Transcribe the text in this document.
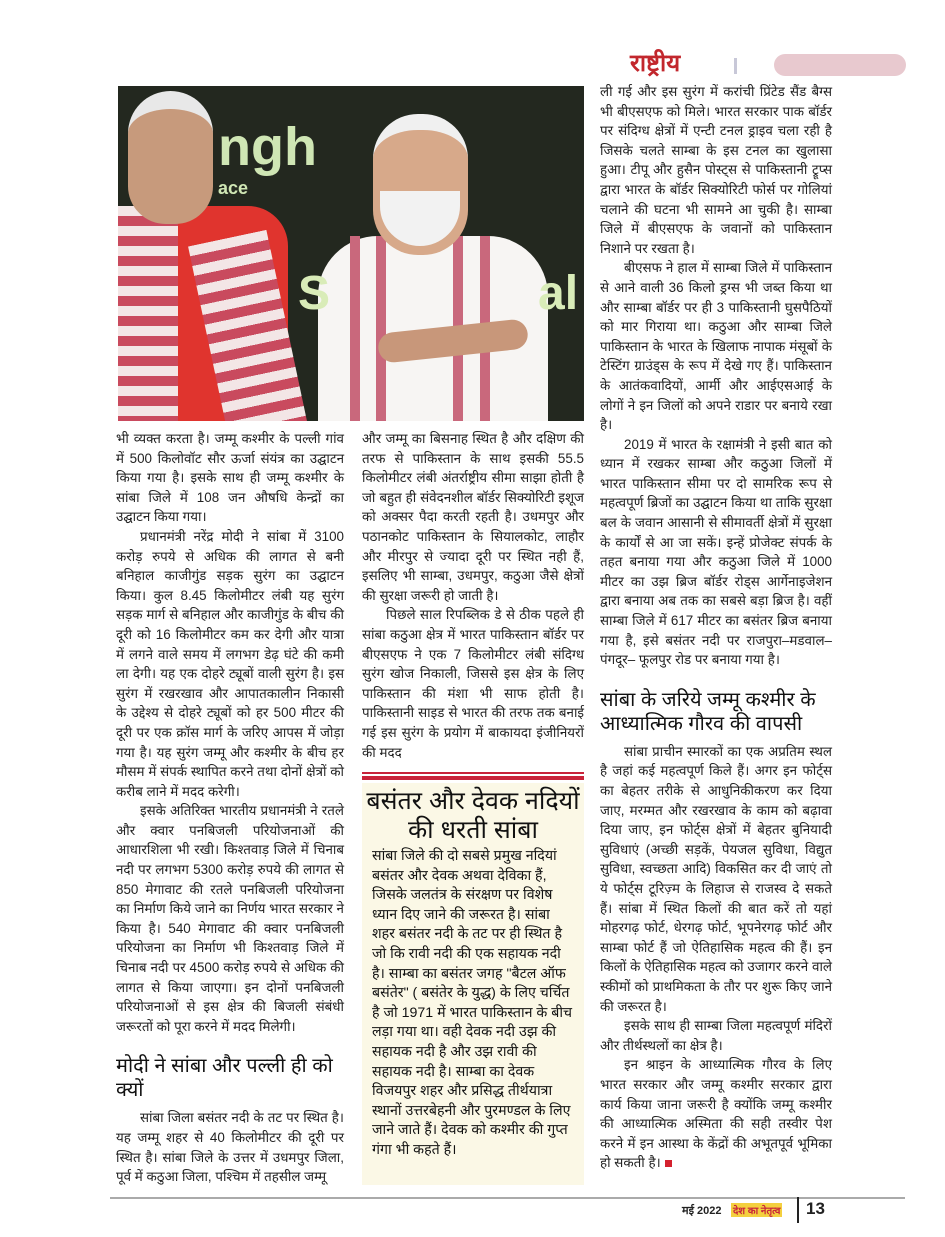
राष्ट्रीय
ngh
ace
S	al

भी व्यक्त करता है। जम्मू कश्मीर के पल्ली गांव में 500 किलोवॉट सौर ऊर्जा संयंत्र का उद्घाटन किया गया है। इसके साथ ही जम्मू कश्मीर के सांबा जिले में 108 जन औषधि केन्द्रों का उद्घाटन किया गया।

प्रधानमंत्री नरेंद्र मोदी ने सांबा में 3100 करोड़ रुपये से अधिक की लागत से बनी बनिहाल काजीगुंड सड़क सुरंग का उद्घाटन किया। कुल 8.45 किलोमीटर लंबी यह सुरंग सड़क मार्ग से बनिहाल और काजीगुंड के बीच की दूरी को 16 किलोमीटर कम कर देगी और यात्रा में लगने वाले समय में लगभग डेढ़ घंटे की कमी ला देगी। यह एक दोहरे ट्यूबों वाली सुरंग है। इस सुरंग में रखरखाव और आपातकालीन निकासी के उद्देश्य से दोहरे ट्यूबों को हर 500 मीटर की दूरी पर एक क्रॉस मार्ग के जरिए आपस में जोड़ा गया है। यह सुरंग जम्मू और कश्मीर के बीच हर मौसम में संपर्क स्थापित करने तथा दोनों क्षेत्रों को करीब लाने में मदद करेगी।

इसके अतिरिक्त भारतीय प्रधानमंत्री ने रतले और क्वार पनबिजली परियोजनाओं की आधारशिला भी रखी। किश्तवाड़ जिले में चिनाब नदी पर लगभग 5300 करोड़ रुपये की लागत से 850 मेगावाट की रतले पनबिजली परियोजना का निर्माण किये जाने का निर्णय भारत सरकार ने किया है। 540 मेगावाट की क्वार पनबिजली परियोजना का निर्माण भी किश्तवाड़ जिले में चिनाब नदी पर 4500 करोड़ रुपये से अधिक की लागत से किया जाएगा। इन दोनों पनबिजली परियोजनाओं से इस क्षेत्र की बिजली संबंधी जरूरतों को पूरा करने में मदद मिलेगी।

मोदी ने सांबा और पल्ली ही को क्यों

सांबा जिला बसंतर नदी के तट पर स्थित है। यह जम्मू शहर से 40 किलोमीटर की दूरी पर स्थित है। सांबा जिले के उत्तर में उधमपुर जिला, पूर्व में कठुआ जिला, पश्चिम में तहसील जम्मू

और जम्मू का बिसनाह स्थित है और दक्षिण की तरफ से पाकिस्तान के साथ इसकी 55.5 किलोमीटर लंबी अंतर्राष्ट्रीय सीमा साझा होती है जो बहुत ही संवेदनशील बॉर्डर सिक्योरिटी इशूज को अक्सर पैदा करती रहती है। उधमपुर और पठानकोट पाकिस्तान के सियालकोट, लाहौर और मीरपुर से ज्यादा दूरी पर स्थित नही हैं, इसलिए भी साम्बा, उधमपुर, कठुआ जैसे क्षेत्रों की सुरक्षा जरूरी हो जाती है।

पिछले साल रिपब्लिक डे से ठीक पहले ही सांबा कठुआ क्षेत्र में भारत पाकिस्तान बॉर्डर पर बीएसएफ ने एक 7 किलोमीटर लंबी संदिग्ध सुरंग खोज निकाली, जिससे इस क्षेत्र के लिए पाकिस्तान की मंशा भी साफ होती है। पाकिस्तानी साइड से भारत की तरफ तक बनाई गई इस सुरंग के प्रयोग में बाकायदा इंजीनियरों की मदद

बसंतर और देवक नदियों की धरती सांबा
सांबा जिले की दो सबसे प्रमुख नदियां बसंतर और देवक अथवा देविका हैं, जिसके जलतंत्र के संरक्षण पर विशेष ध्यान दिए जाने की जरूरत है। सांबा शहर बसंतर नदी के तट पर ही स्थित है जो कि रावी नदी की एक सहायक नदी है। साम्बा का बसंतर जगह "बैटल ऑफ बसंतेर" ( बसंतेर के युद्ध) के लिए चर्चित है जो 1971 में भारत पाकिस्तान के बीच लड़ा गया था। वही देवक नदी उझ की सहायक नदी है और उझ रावी की सहायक नदी है। साम्बा का देवक विजयपुर शहर और प्रसिद्ध तीर्थयात्रा स्थानों उत्तरबेहनी और पुरमण्डल के लिए जाने जाते हैं। देवक को कश्मीर की गुप्त गंगा भी कहते हैं।

ली गई और इस सुरंग में करांची प्रिंटेड सैंड बैग्स भी बीएसएफ को मिले। भारत सरकार पाक बॉर्डर पर संदिग्ध क्षेत्रों में एन्टी टनल ड्राइव चला रही है जिसके चलते साम्बा के इस टनल का खुलासा हुआ। टीपू और हुसैन पोस्ट्स से पाकिस्तानी ट्रूप्स द्वारा भारत के बॉर्डर सिक्योरिटी फोर्स पर गोलियां चलाने की घटना भी सामने आ चुकी है। साम्बा जिले में बीएसएफ के जवानों को पाकिस्तान निशाने पर रखता है।

बीएसफ ने हाल में साम्बा जिले में पाकिस्तान से आने वाली 36 किलो ड्रग्स भी जब्त किया था और साम्बा बॉर्डर पर ही 3 पाकिस्तानी घुसपैठियों को मार गिराया था। कठुआ और साम्बा जिले पाकिस्तान के भारत के खिलाफ नापाक मंसूबों के टेस्टिंग ग्राउंड्स के रूप में देखे गए हैं। पाकिस्तान के आतंकवादियों, आर्मी और आईएसआई के लोगों ने इन जिलों को अपने राडार पर बनाये रखा है।

2019 में भारत के रक्षामंत्री ने इसी बात को ध्यान में रखकर साम्बा और कठुआ जिलों में भारत पाकिस्तान सीमा पर दो सामरिक रूप से महत्वपूर्ण ब्रिजों का उद्घाटन किया था ताकि सुरक्षा बल के जवान आसानी से सीमावर्ती क्षेत्रों में सुरक्षा के कार्यों से आ जा सकें। इन्हें प्रोजेक्ट संपर्क के तहत बनाया गया और कठुआ जिले में 1000 मीटर का उझ ब्रिज बॉर्डर रोड्स आर्गेनाइजेशन द्वारा बनाया अब तक का सबसे बड़ा ब्रिज है। वहीं साम्बा जिले में 617 मीटर का बसंतर ब्रिज बनाया गया है, इसे बसंतर नदी पर राजपुरा–मडवाल–पंगदूर– फूलपुर रोड पर बनाया गया है।

सांबा के जरिये जम्मू कश्मीर के आध्यात्मिक गौरव की वापसी

सांबा प्राचीन स्मारकों का एक अप्रतिम स्थल है जहां कई महत्वपूर्ण किले हैं। अगर इन फोर्ट्स का बेहतर तरीके से आधुनिकीकरण कर दिया जाए, मरम्मत और रखरखाव के काम को बढ़ावा दिया जाए, इन फोर्ट्स क्षेत्रों में बेहतर बुनियादी सुविधाएं (अच्छी सड़कें, पेयजल सुविधा, विद्युत सुविधा, स्वच्छता आदि) विकसित कर दी जाएं तो ये फोर्ट्स टूरिज़्म के लिहाज से राजस्व दे सकते हैं। सांबा में स्थित किलों की बात करें तो यहां मोहरगढ़ फोर्ट, धेरगढ़ फोर्ट, भूपनेरगढ़ फोर्ट और साम्बा फोर्ट हैं जो ऐतिहासिक महत्व की हैं। इन किलों के ऐतिहासिक महत्व को उजागर करने वाले स्कीमों को प्राथमिकता के तौर पर शुरू किए जाने की जरूरत है।

इसके साथ ही साम्बा जिला महत्वपूर्ण मंदिरों और तीर्थस्थलों का क्षेत्र है।

इन श्राइन के आध्यात्मिक गौरव के लिए भारत सरकार और जम्मू कश्मीर सरकार द्वारा कार्य किया जाना जरूरी है क्योंकि जम्मू कश्मीर की आध्यात्मिक अस्मिता की सही तस्वीर पेश करने में इन आस्था के केंद्रों की अभूतपूर्व भूमिका हो सकती है।

मई 2022 देश का नेतृत्व 13
